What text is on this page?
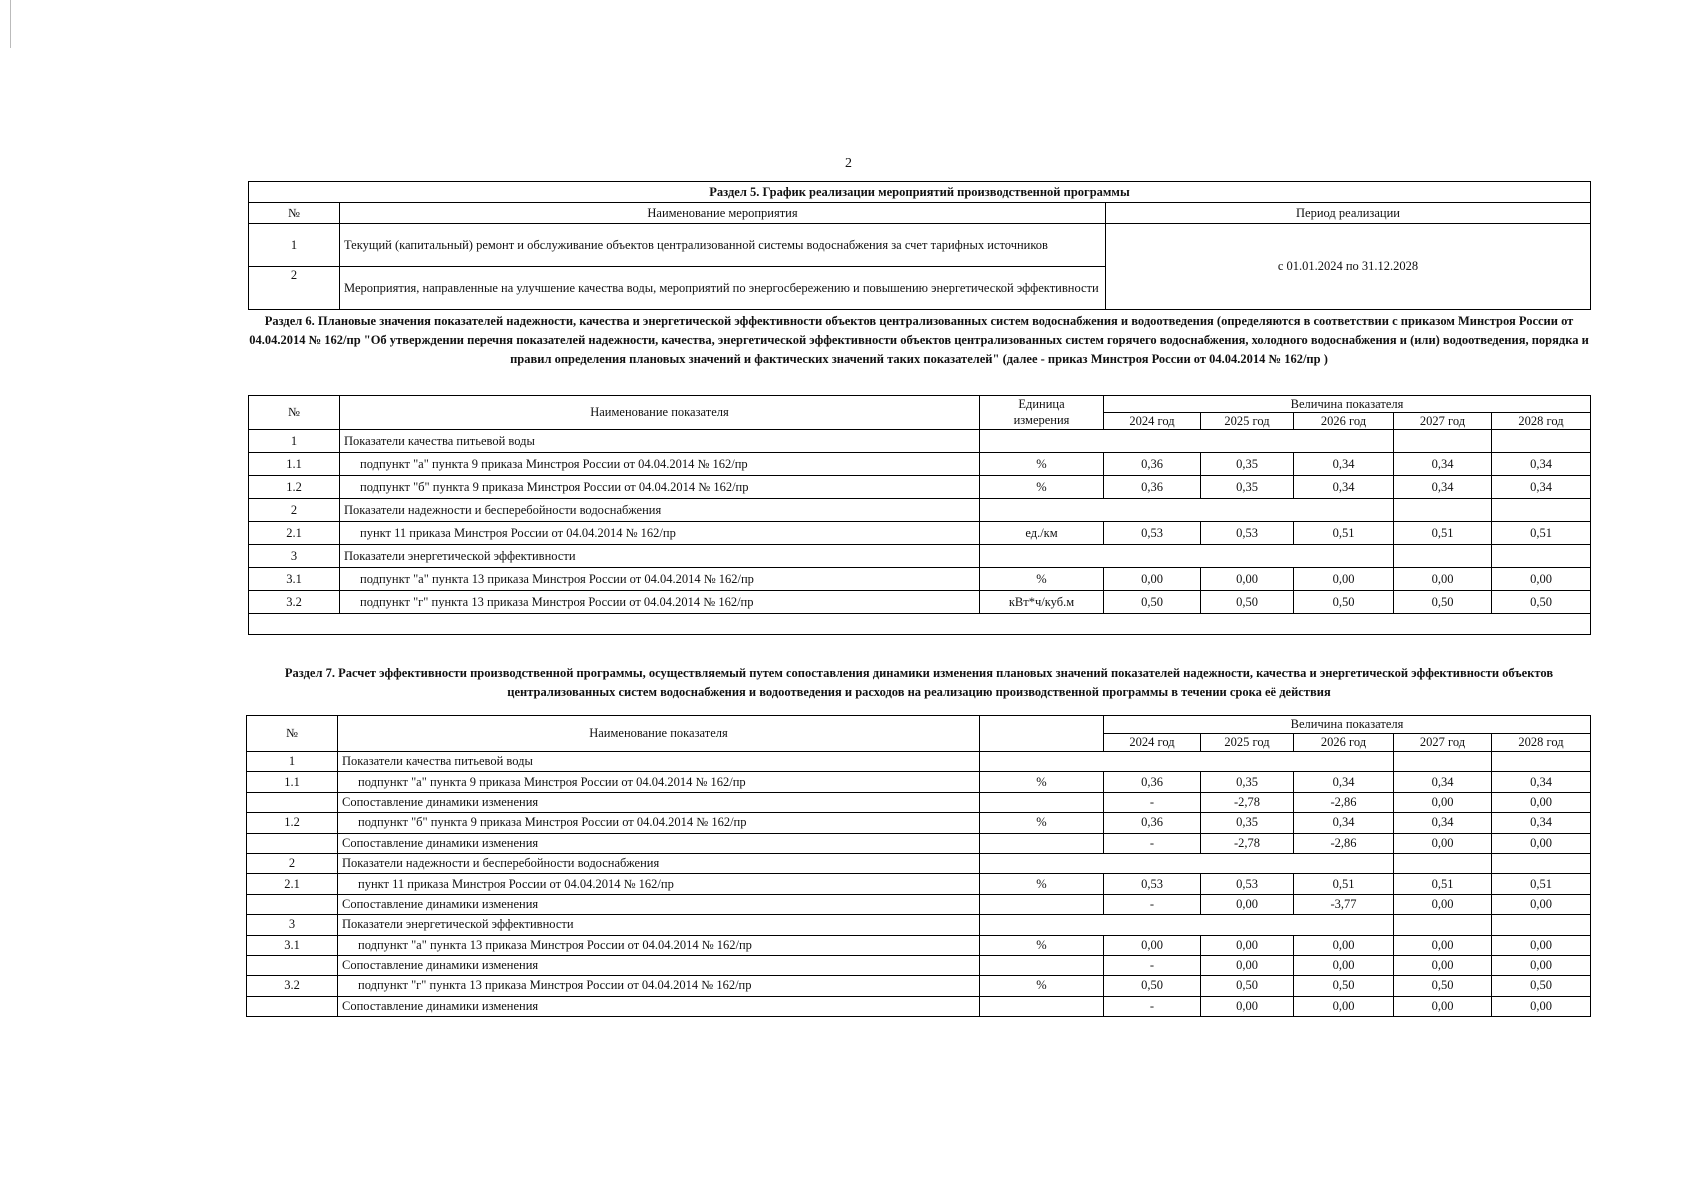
2
Раздел 5. График реализации мероприятий производственной программы		
№	Наименование мероприятия	Период реализации
1	Текущий (капитальный) ремонт и обслуживание объектов централизованной системы водоснабжения за счет тарифных источников	с 01.01.2024 по 31.12.2028
2	Мероприятия, направленные на улучшение качества воды, мероприятий по энергосбережению и повышению энергетической эффективности	
Раздел 6. Плановые значения показателей надежности, качества и энергетической эффективности объектов централизованных систем водоснабжения и водоотведения (определяются в соответствии с приказом Минстроя России от 04.04.2014 № 162/пр "Об утверждении перечня показателей надежности, качества, энергетической эффективности объектов централизованных систем горячего водоснабжения, холодного водоснабжения и (или) водоотведения, порядка и правил определения плановых значений и фактических значений таких показателей" (далее - приказ Минстроя России от 04.04.2014 № 162/пр )
№	Наименование показателя	Единица	Величина показателя				
		измерения	2024 год	2025 год	2026 год	2027 год	2028 год
1	Показатели качества питьевой воды						
1.1	подпункт "а" пункта 9 приказа Минстроя России от 04.04.2014 № 162/пр	%	0,36	0,35	0,34	0,34	0,34
1.2	подпункт "б" пункта 9 приказа Минстроя России от 04.04.2014 № 162/пр	%	0,36	0,35	0,34	0,34	0,34
2	Показатели надежности и бесперебойности водоснабжения						
2.1	пункт 11 приказа Минстроя России от 04.04.2014 № 162/пр	ед./км	0,53	0,53	0,51	0,51	0,51
3	Показатели энергетической эффективности						
3.1	подпункт "а" пункта 13 приказа Минстроя России от 04.04.2014 № 162/пр	%	0,00	0,00	0,00	0,00	0,00
3.2	подпункт "г" пункта 13 приказа Минстроя России от 04.04.2014 № 162/пр	кВт*ч/куб.м	0,50	0,50	0,50	0,50	0,50

Раздел 7. Расчет эффективности производственной программы, осуществляемый путем сопоставления динамики изменения плановых значений показателей надежности, качества и энергетической эффективности объектов централизованных систем водоснабжения и водоотведения и расходов на реализацию производственной программы в течении срока её действия
№	Наименование показателя		Величина показателя				
			2024 год	2025 год	2026 год	2027 год	2028 год
1	Показатели качества питьевой воды						
1.1	подпункт "а" пункта 9 приказа Минстроя России от 04.04.2014 № 162/пр	%	0,36	0,35	0,34	0,34	0,34
	Сопоставление динамики изменения		-	-2,78	-2,86	0,00	0,00
1.2	подпункт "б" пункта 9 приказа Минстроя России от 04.04.2014 № 162/пр	%	0,36	0,35	0,34	0,34	0,34
	Сопоставление динамики изменения		-	-2,78	-2,86	0,00	0,00
2	Показатели надежности и бесперебойности водоснабжения						
2.1	пункт 11 приказа Минстроя России от 04.04.2014 № 162/пр	%	0,53	0,53	0,51	0,51	0,51
	Сопоставление динамики изменения		-	0,00	-3,77	0,00	0,00
3	Показатели энергетической эффективности						
3.1	подпункт "а" пункта 13 приказа Минстроя России от 04.04.2014 № 162/пр	%	0,00	0,00	0,00	0,00	0,00
	Сопоставление динамики изменения		-	0,00	0,00	0,00	0,00
3.2	подпункт "г" пункта 13 приказа Минстроя России от 04.04.2014 № 162/пр	%	0,50	0,50	0,50	0,50	0,50
	Сопоставление динамики изменения		-	0,00	0,00	0,00	0,00
